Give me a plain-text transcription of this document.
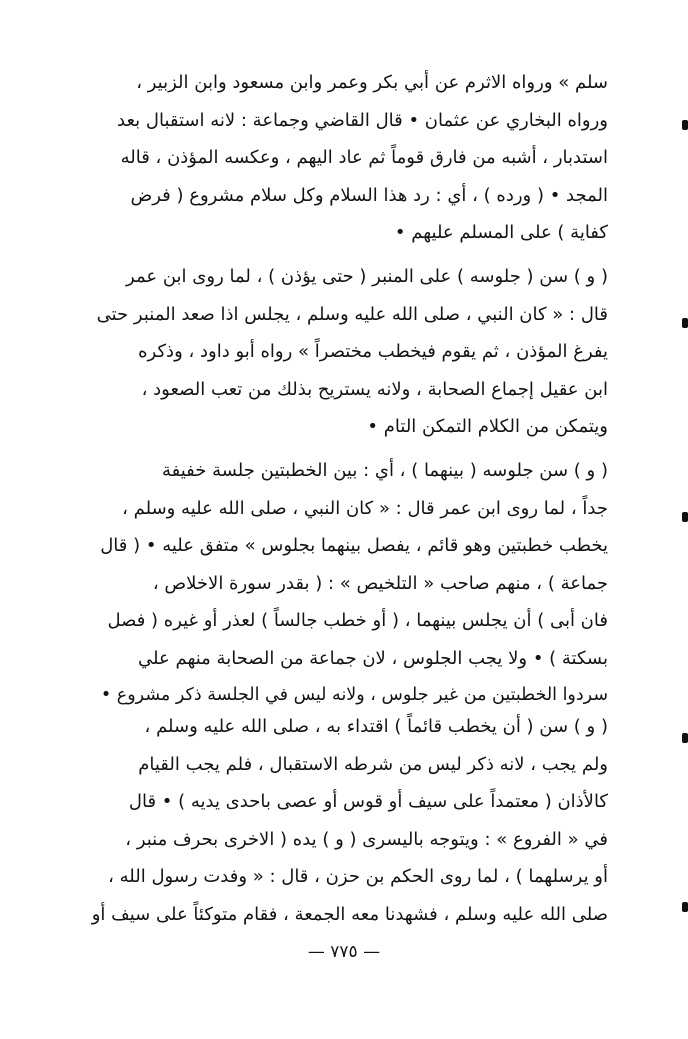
سلم » ورواه الاثرم عن أبي بكر وعمر وابن مسعود وابن الزبير ،
ورواه البخاري عن عثمان • قال القاضي وجماعة : لانه استقبال بعد
استدبار ، أشبه من فارق قوماً ثم عاد اليهم ، وعكسه المؤذن ، قاله
المجد • ( ورده ) ، أي : رد هذا السلام وكل سلام مشروع ( فرض
كفاية ) على المسلم عليهم •
( و ) سن ( جلوسه ) على المنبر ( حتى يؤذن ) ، لما روى ابن عمر
قال : « كان النبي ، صلى الله عليه وسلم ، يجلس اذا صعد المنبر حتى
يفرغ المؤذن ، ثم يقوم فيخطب مختصراً » رواه أبو داود ، وذكره
ابن عقيل إجماع الصحابة ، ولانه يستريح بذلك من تعب الصعود ،
ويتمكن من الكلام التمكن التام •
( و ) سن جلوسه ( بينهما ) ، أي : بين الخطبتين جلسة خفيفة
جداً ، لما روى ابن عمر قال : « كان النبي ، صلى الله عليه وسلم ،
يخطب خطبتين وهو قائم ، يفصل بينهما بجلوس » متفق عليه • ( قال
جماعة ) ، منهم صاحب « التلخيص » : ( بقدر سورة الاخلاص ،
فان أبى ) أن يجلس بينهما ، ( أو خطب جالساً ) لعذر أو غيره ( فصل
بسكتة ) • ولا يجب الجلوس ، لان جماعة من الصحابة منهم علي
سردوا الخطبتين من غير جلوس ، ولانه ليس في الجلسة ذكر مشروع •
( و ) سن ( أن يخطب قائماً ) اقتداء به ، صلى الله عليه وسلم ،
ولم يجب ، لانه ذكر ليس من شرطه الاستقبال ، فلم يجب القيام
كالأذان ( معتمداً على سيف أو قوس أو عصى باحدى يديه ) • قال
في « الفروع » : ويتوجه باليسرى ( و ) يده ( الاخرى بحرف منبر ،
أو يرسلهما ) ، لما روى الحكم بن حزن ، قال : « وفدت رسول الله ،
صلى الله عليه وسلم ، فشهدنا معه الجمعة ، فقام متوكئاً على سيف أو
— ٧٧٥ —
